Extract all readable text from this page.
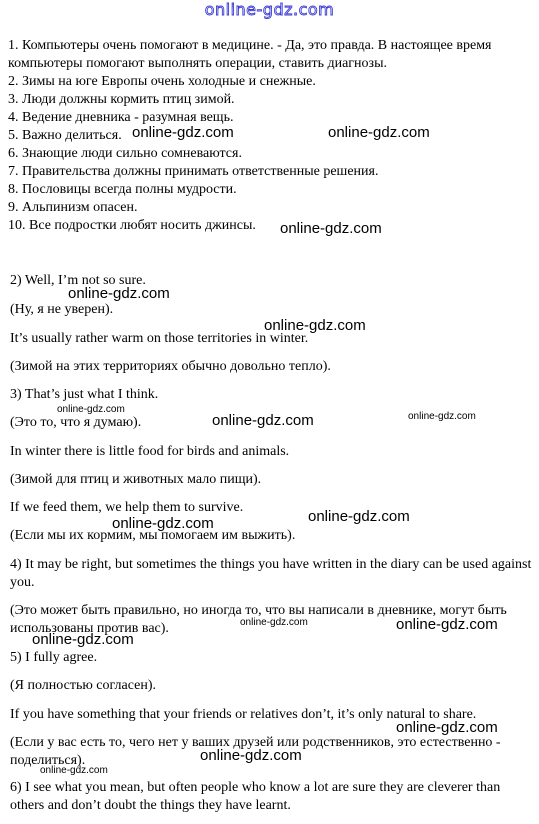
online-gdz.com
1. Компьютеры очень помогают в медицине. - Да, это правда. В настоящее время компьютеры помогают выполнять операции, ставить диагнозы.
2. Зимы на юге Европы очень холодные и снежные.
3. Люди должны кормить птиц зимой.
4. Ведение дневника - разумная вещь.
5. Важно делиться.
6. Знающие люди сильно сомневаются.
7. Правительства должны принимать ответственные решения.
8. Пословицы всегда полны мудрости.
9. Альпинизм опасен.
10. Все подростки любят носить джинсы.
2) Well, I’m not so sure.
(Ну, я не уверен).
It’s usually rather warm on those territories in winter.
(Зимой на этих территориях обычно довольно тепло).
3) That’s just what I think.
(Это то, что я думаю).
In winter there is little food for birds and animals.
(Зимой для птиц и животных мало пищи).
If we feed them, we help them to survive.
(Если мы их кормим, мы помогаем им выжить).
4) It may be right, but sometimes the things you have written in the diary can be used against you.
(Это может быть правильно, но иногда то, что вы написали в дневнике, могут быть использованы против вас).
5) I fully agree.
(Я полностью согласен).
If you have something that your friends or relatives don’t, it’s only natural to share.
(Если у вас есть то, чего нет у ваших друзей или родственников, это естественно - поделиться).
6) I see what you mean, but often people who know a lot are sure they are cleverer than others and don’t doubt the things they have learnt.
online-gdz.com	online-gdz.com
online-gdz.com
online-gdz.com
online-gdz.com
online-gdz.com
online-gdz.com	online-gdz.com
online-gdz.com	online-gdz.com
online-gdz.com	online-gdz.com
online-gdz.com
online-gdz.com
online-gdz.com
online-gdz.com
